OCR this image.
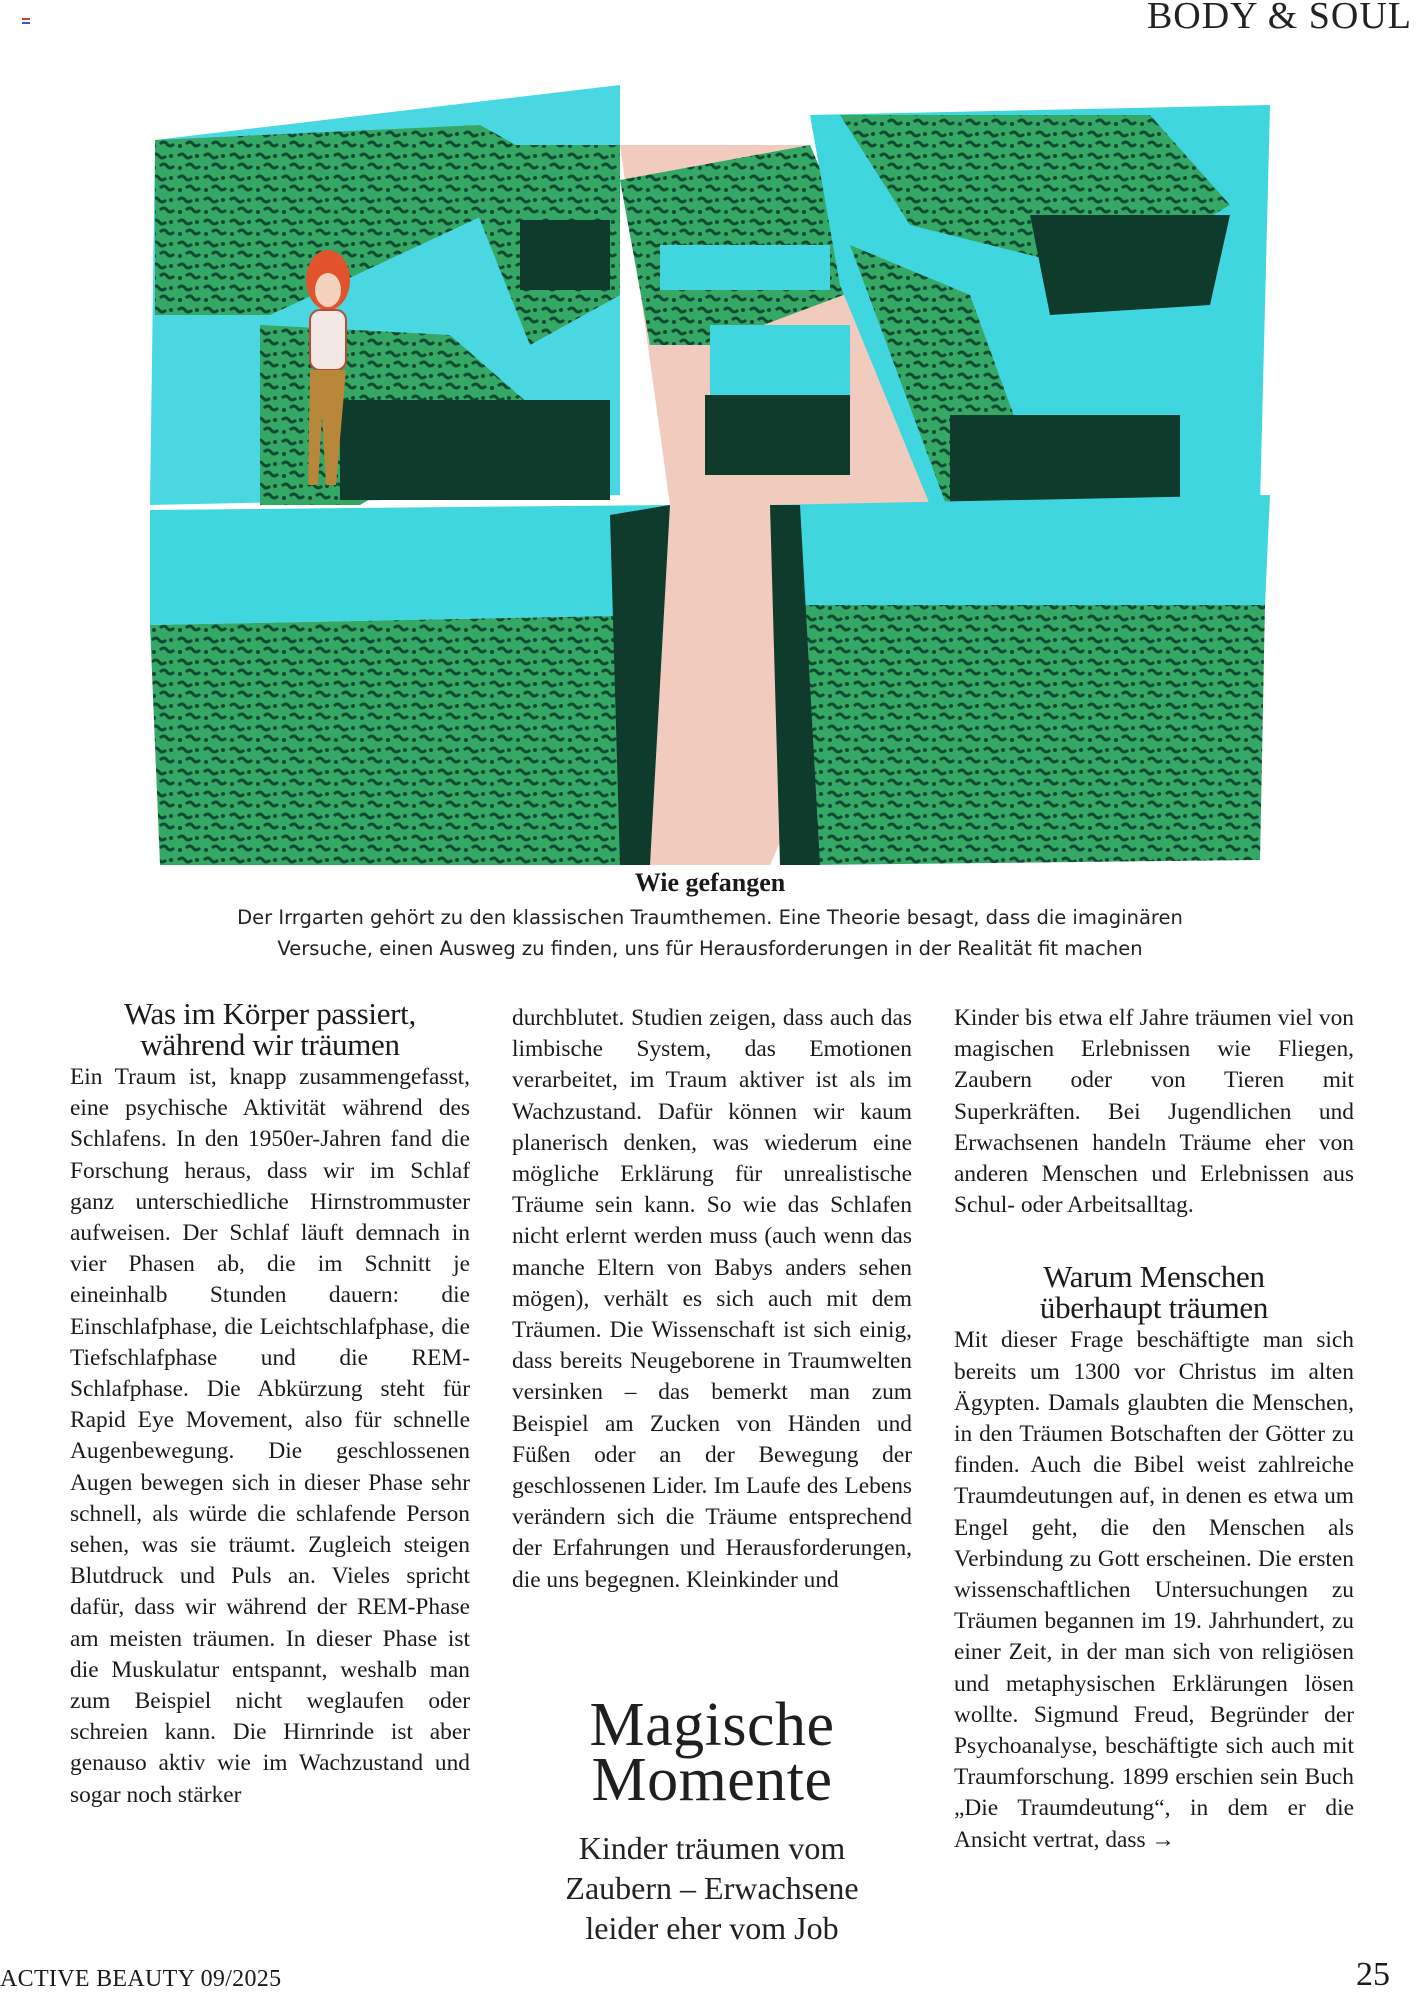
BODY & SOUL
Wie gefangen
Der Irrgarten gehört zu den klassischen Traumthemen. Eine Theorie besagt, dass die imaginären
Versuche, einen Ausweg zu finden, uns für Herausforderungen in der Realität fit machen
Was im Körper passiert,
während wir träumen

Ein Traum ist, knapp zusammengefasst, eine psychische Aktivität während des Schlafens. In den 1950er-Jahren fand die Forschung heraus, dass wir im Schlaf ganz unterschiedliche Hirnstrommuster aufweisen. Der Schlaf läuft demnach in vier Phasen ab, die im Schnitt je eineinhalb Stunden dauern: die Einschlafphase, die Leichtschlafphase, die Tiefschlafphase und die REM-Schlafphase. Die Abkürzung steht für Rapid Eye Movement, also für schnelle Augenbewegung. Die geschlossenen Augen bewegen sich in dieser Phase sehr schnell, als würde die schlafende Person sehen, was sie träumt. Zugleich steigen Blutdruck und Puls an. Vieles spricht dafür, dass wir während der REM-Phase am meisten träumen. In dieser Phase ist die Muskulatur entspannt, weshalb man zum Beispiel nicht weglaufen oder schreien kann. Die Hirnrinde ist aber genauso aktiv wie im Wachzustand und sogar noch stärker

durchblutet. Studien zeigen, dass auch das limbische System, das Emotionen verarbeitet, im Traum aktiver ist als im Wachzustand. Dafür können wir kaum planerisch denken, was wiederum eine mögliche Erklärung für unrealistische Träume sein kann. So wie das Schlafen nicht erlernt werden muss (auch wenn das manche Eltern von Babys anders sehen mögen), verhält es sich auch mit dem Träumen. Die Wissenschaft ist sich einig, dass bereits Neugeborene in Traumwelten versinken – das bemerkt man zum Beispiel am Zucken von Händen und Füßen oder an der Bewegung der geschlossenen Lider. Im Laufe des Lebens verändern sich die Träume entsprechend der Erfahrungen und Herausforderungen, die uns begegnen. Kleinkinder und

Magische
Momente
Kinder träumen vom
Zaubern – Erwachsene
leider eher vom Job

Kinder bis etwa elf Jahre träumen viel von magischen Erlebnissen wie Fliegen, Zaubern oder von Tieren mit Superkräften. Bei Jugendlichen und Erwachsenen handeln Träume eher von anderen Menschen und Erlebnissen aus Schul- oder Arbeitsalltag.

Warum Menschen
überhaupt träumen

Mit dieser Frage beschäftigte man sich bereits um 1300 vor Christus im alten Ägypten. Damals glaubten die Menschen, in den Träumen Botschaften der Götter zu finden. Auch die Bibel weist zahlreiche Traumdeutungen auf, in denen es etwa um Engel geht, die den Menschen als Verbindung zu Gott erscheinen. Die ersten wissenschaftlichen Untersuchungen zu Träumen begannen im 19. Jahrhundert, zu einer Zeit, in der man sich von religiösen und metaphysischen Erklärungen lösen wollte. Sigmund Freud, Begründer der Psychoanalyse, beschäftigte sich auch mit Traumforschung. 1899 erschien sein Buch „Die Traumdeutung“, in dem er die Ansicht vertrat, dass →

ACTIVE BEAUTY 09/2025	25
